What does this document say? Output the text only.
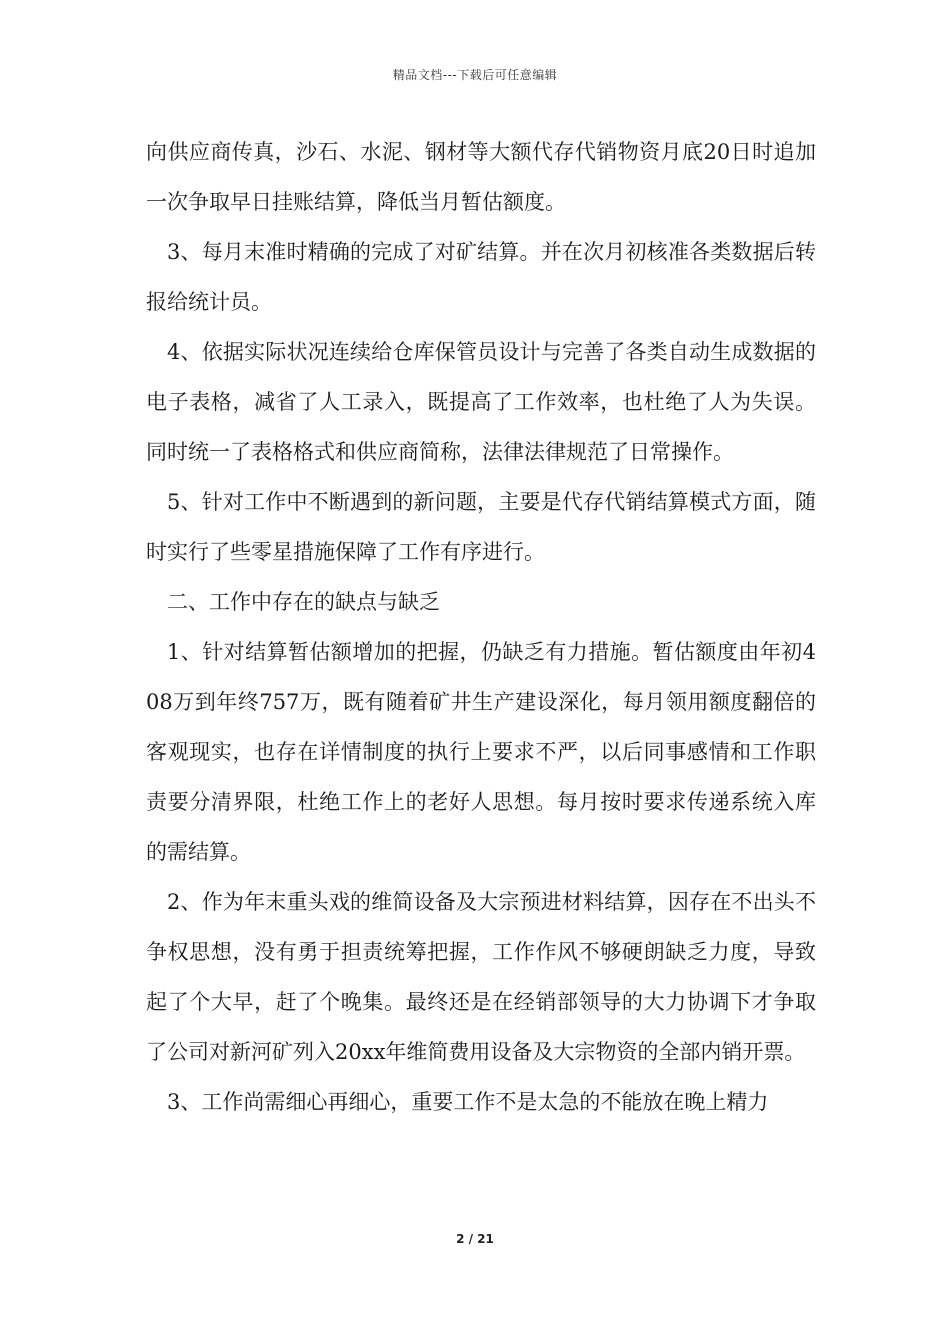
精品文档---下载后可任意编辑

向供应商传真，沙石、水泥、钢材等大额代存代销物资月底20日时追加一次争取早日挂账结算，降低当月暂估额度。

3、每月末准时精确的完成了对矿结算。并在次月初核准各类数据后转报给统计员。

4、依据实际状况连续给仓库保管员设计与完善了各类自动生成数据的电子表格，减省了人工录入，既提高了工作效率，也杜绝了人为失误。同时统一了表格格式和供应商简称，法律法律规范了日常操作。

5、针对工作中不断遇到的新问题，主要是代存代销结算模式方面，随时实行了些零星措施保障了工作有序进行。

二、工作中存在的缺点与缺乏

1、针对结算暂估额增加的把握，仍缺乏有力措施。暂估额度由年初408万到年终757万，既有随着矿井生产建设深化，每月领用额度翻倍的客观现实，也存在详情制度的执行上要求不严，以后同事感情和工作职责要分清界限，杜绝工作上的老好人思想。每月按时要求传递系统入库的需结算。

2、作为年末重头戏的维简设备及大宗预进材料结算，因存在不出头不争权思想，没有勇于担责统筹把握，工作作风不够硬朗缺乏力度，导致起了个大早，赶了个晚集。最终还是在经销部领导的大力协调下才争取了公司对新河矿列入20xx年维简费用设备及大宗物资的全部内销开票。

3、工作尚需细心再细心，重要工作不是太急的不能放在晚上精力

2 / 21
